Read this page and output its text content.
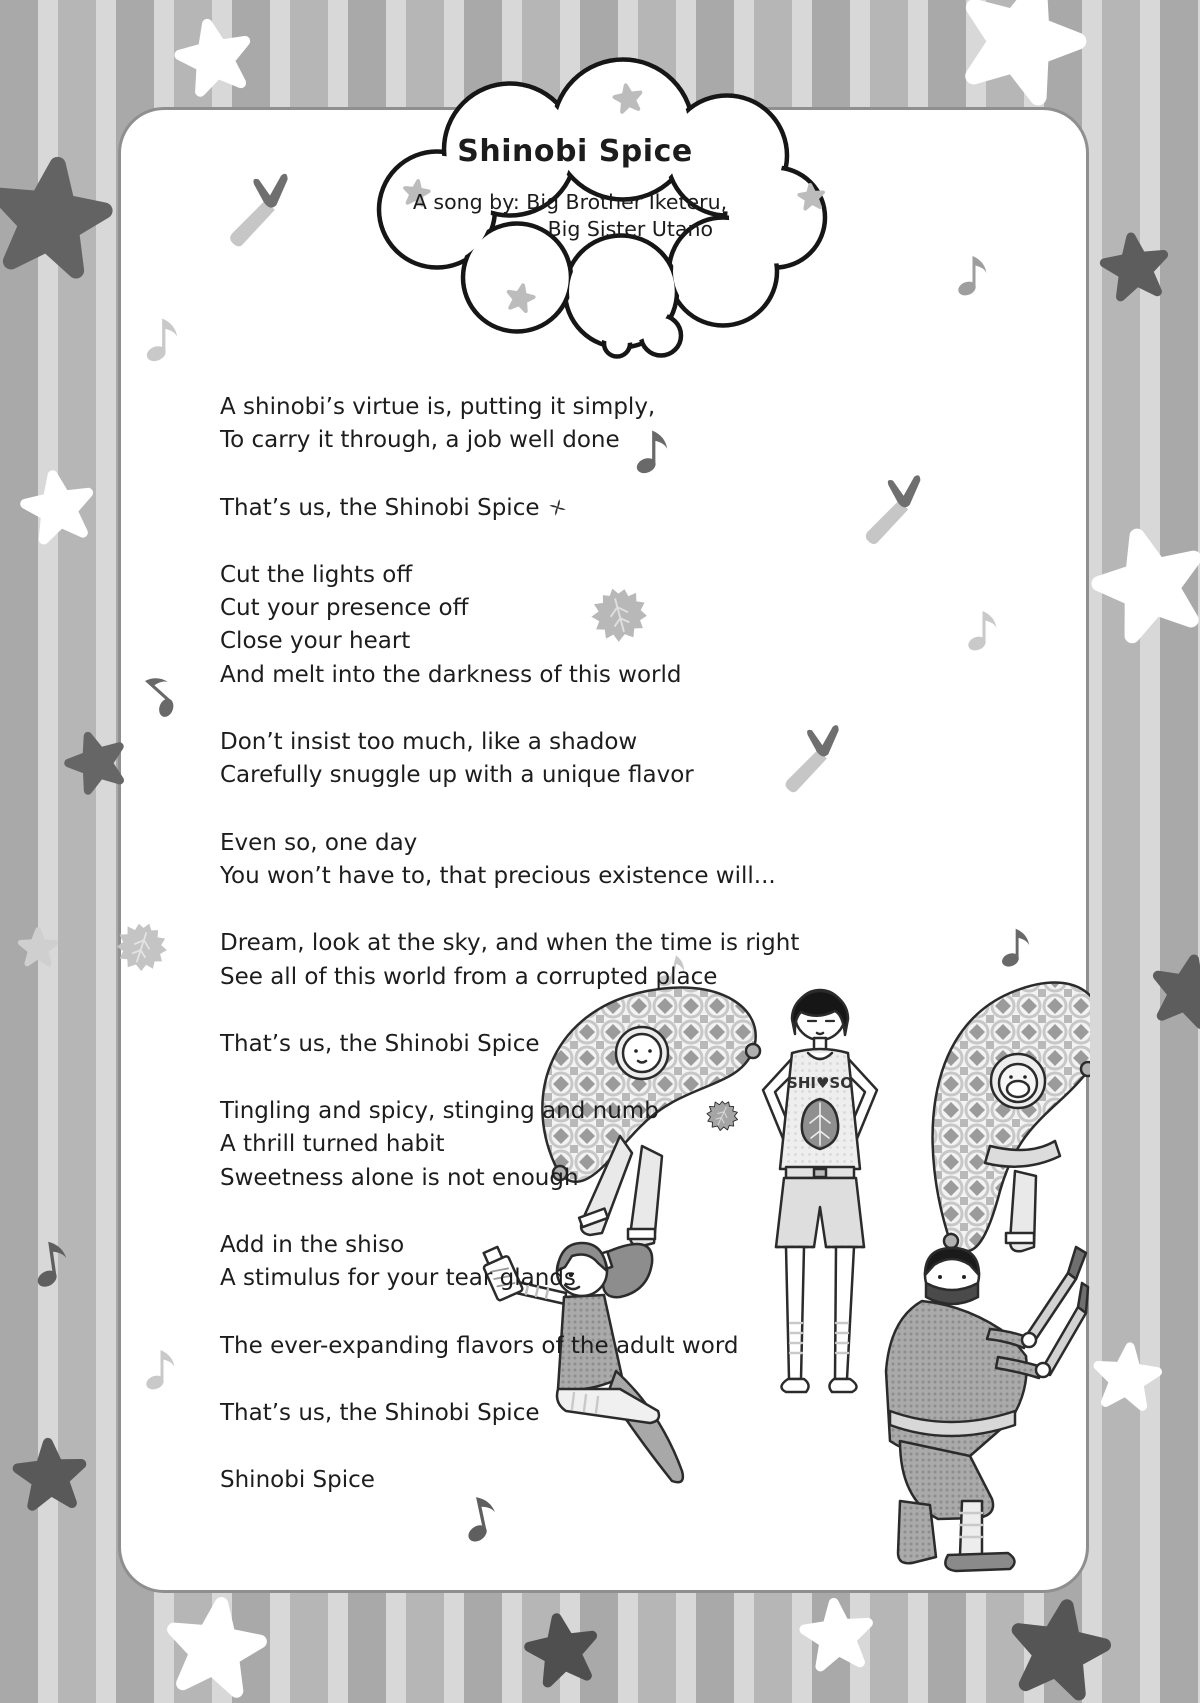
Shinobi Spice
A song by: Big Brother Iketeru,
Big Sister Utano
A shinobi’s virtue is, putting it simply,
To carry it through, a job well done
That’s us, the Shinobi Spice
Cut the lights off
Cut your presence off
Close your heart
And melt into the darkness of this world
Don’t insist too much, like a shadow
Carefully snuggle up with a unique flavor
Even so, one day
You won’t have to, that precious existence will...
Dream, look at the sky, and when the time is right
See all of this world from a corrupted place
That’s us, the Shinobi Spice
Tingling and spicy, stinging and numb
A thrill turned habit
Sweetness alone is not enough
Add in the shiso
A stimulus for your tear glands
The ever-expanding flavors of the adult word
That’s us, the Shinobi Spice
Shinobi Spice
SHI♥SO
